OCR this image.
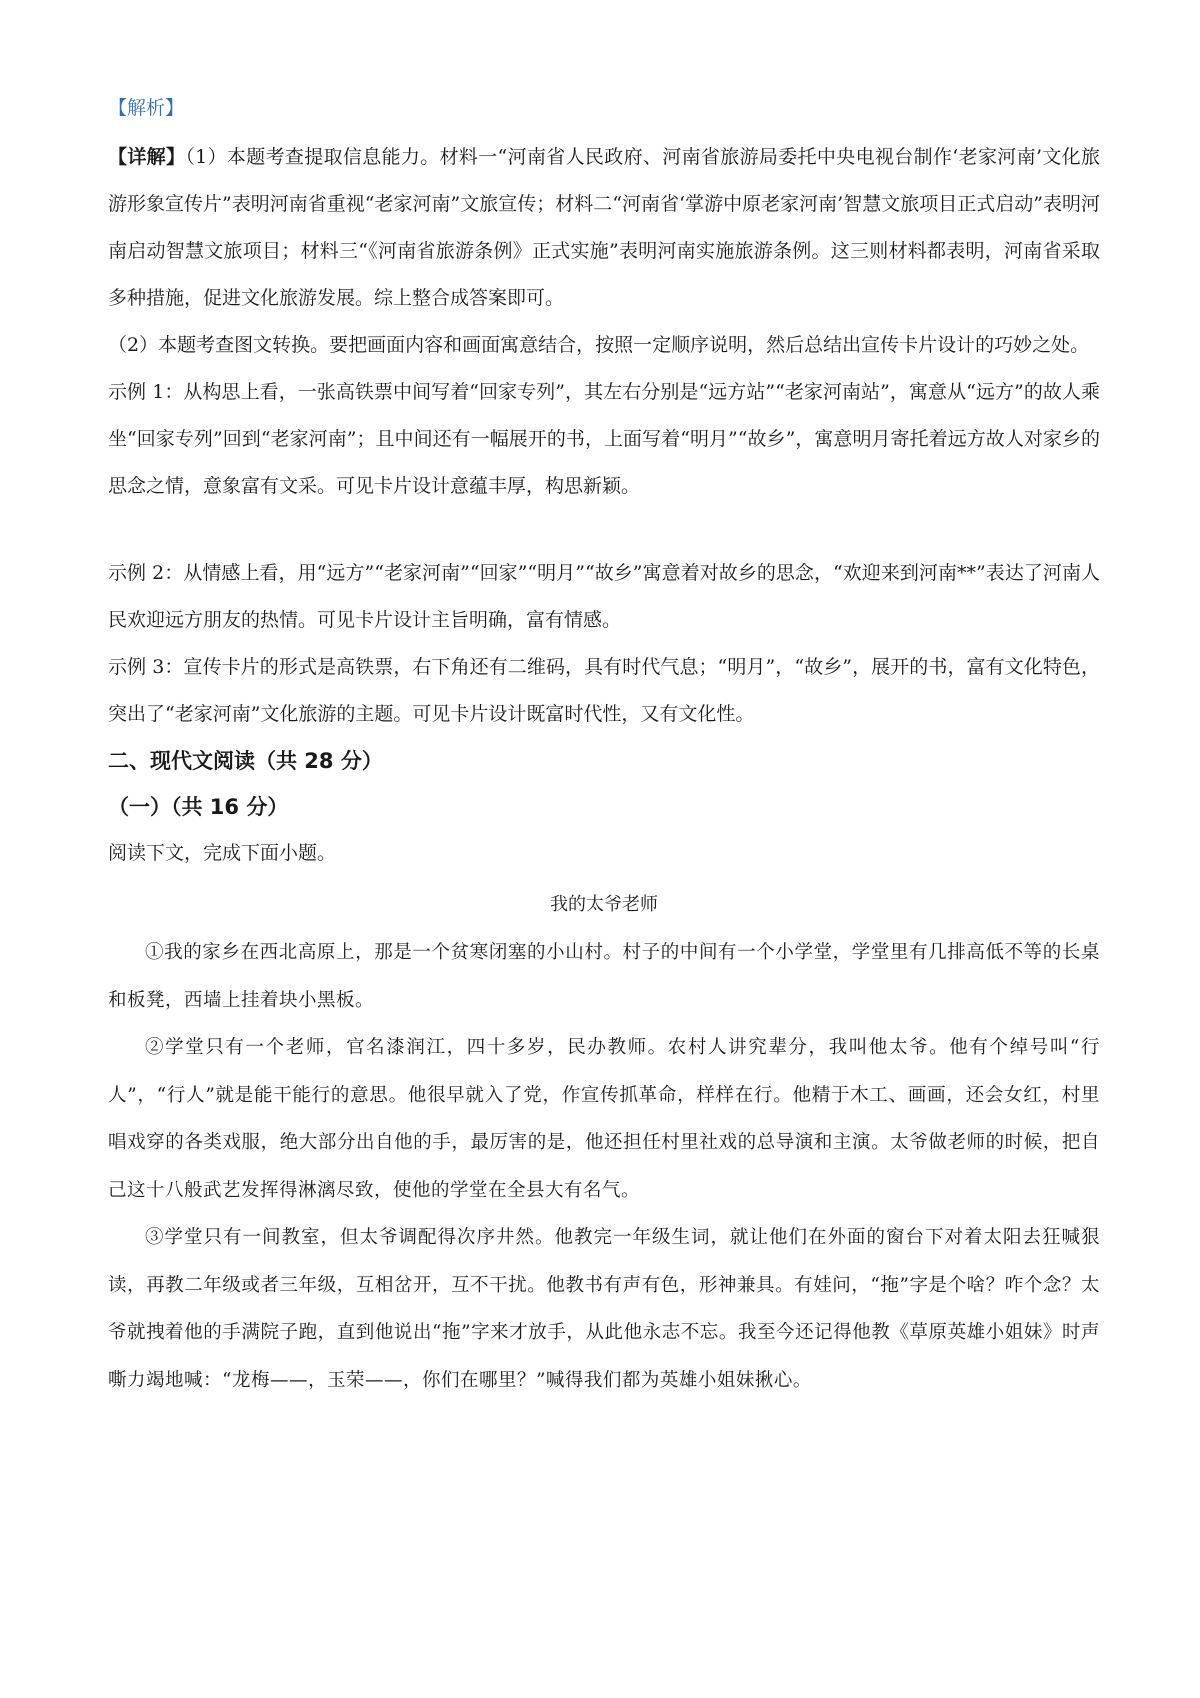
【解析】

【详解】（1）本题考查提取信息能力。材料一“河南省人民政府、河南省旅游局委托中央电视台制作‘老家河南’文化旅游形象宣传片”表明河南省重视“老家河南”文旅宣传；材料二“河南省‘掌游中原老家河南’智慧文旅项目正式启动”表明河南启动智慧文旅项目；材料三“《河南省旅游条例》正式实施”表明河南实施旅游条例。这三则材料都表明，河南省采取多种措施，促进文化旅游发展。综上整合成答案即可。

（2）本题考查图文转换。要把画面内容和画面寓意结合，按照一定顺序说明，然后总结出宣传卡片设计的巧妙之处。

示例 1：从构思上看，一张高铁票中间写着“回家专列”，其左右分别是“远方站”“老家河南站”，寓意从“远方”的故人乘坐“回家专列”回到“老家河南”；且中间还有一幅展开的书，上面写着“明月”“故乡”，寓意明月寄托着远方故人对家乡的思念之情，意象富有文采。可见卡片设计意蕴丰厚，构思新颖。

示例 2：从情感上看，用“远方”“老家河南”“回家”“明月”“故乡”寓意着对故乡的思念，“欢迎来到河南**”表达了河南人民欢迎远方朋友的热情。可见卡片设计主旨明确，富有情感。

示例 3：宣传卡片的形式是高铁票，右下角还有二维码，具有时代气息；“明月”，“故乡”，展开的书，富有文化特色，突出了“老家河南”文化旅游的主题。可见卡片设计既富时代性，又有文化性。

二、现代文阅读（共 28 分）
（一）（共 16 分）

阅读下文，完成下面小题。

我的太爷老师

①我的家乡在西北高原上，那是一个贫寒闭塞的小山村。村子的中间有一个小学堂，学堂里有几排高低不等的长桌和板凳，西墙上挂着块小黑板。

②学堂只有一个老师，官名漆润江，四十多岁，民办教师。农村人讲究辈分，我叫他太爷。他有个绰号叫“行人”，“行人”就是能干能行的意思。他很早就入了党，作宣传抓革命，样样在行。他精于木工、画画，还会女红，村里唱戏穿的各类戏服，绝大部分出自他的手，最厉害的是，他还担任村里社戏的总导演和主演。太爷做老师的时候，把自己这十八般武艺发挥得淋漓尽致，使他的学堂在全县大有名气。

③学堂只有一间教室，但太爷调配得次序井然。他教完一年级生词，就让他们在外面的窗台下对着太阳去狂喊狠读，再教二年级或者三年级，互相岔开，互不干扰。他教书有声有色，形神兼具。有娃问，“拖”字是个啥？咋个念？太爷就拽着他的手满院子跑，直到他说出“拖”字来才放手，从此他永志不忘。我至今还记得他教《草原英雄小姐妹》时声嘶力竭地喊：“龙梅——，玉荣——，你们在哪里？”喊得我们都为英雄小姐妹揪心。
